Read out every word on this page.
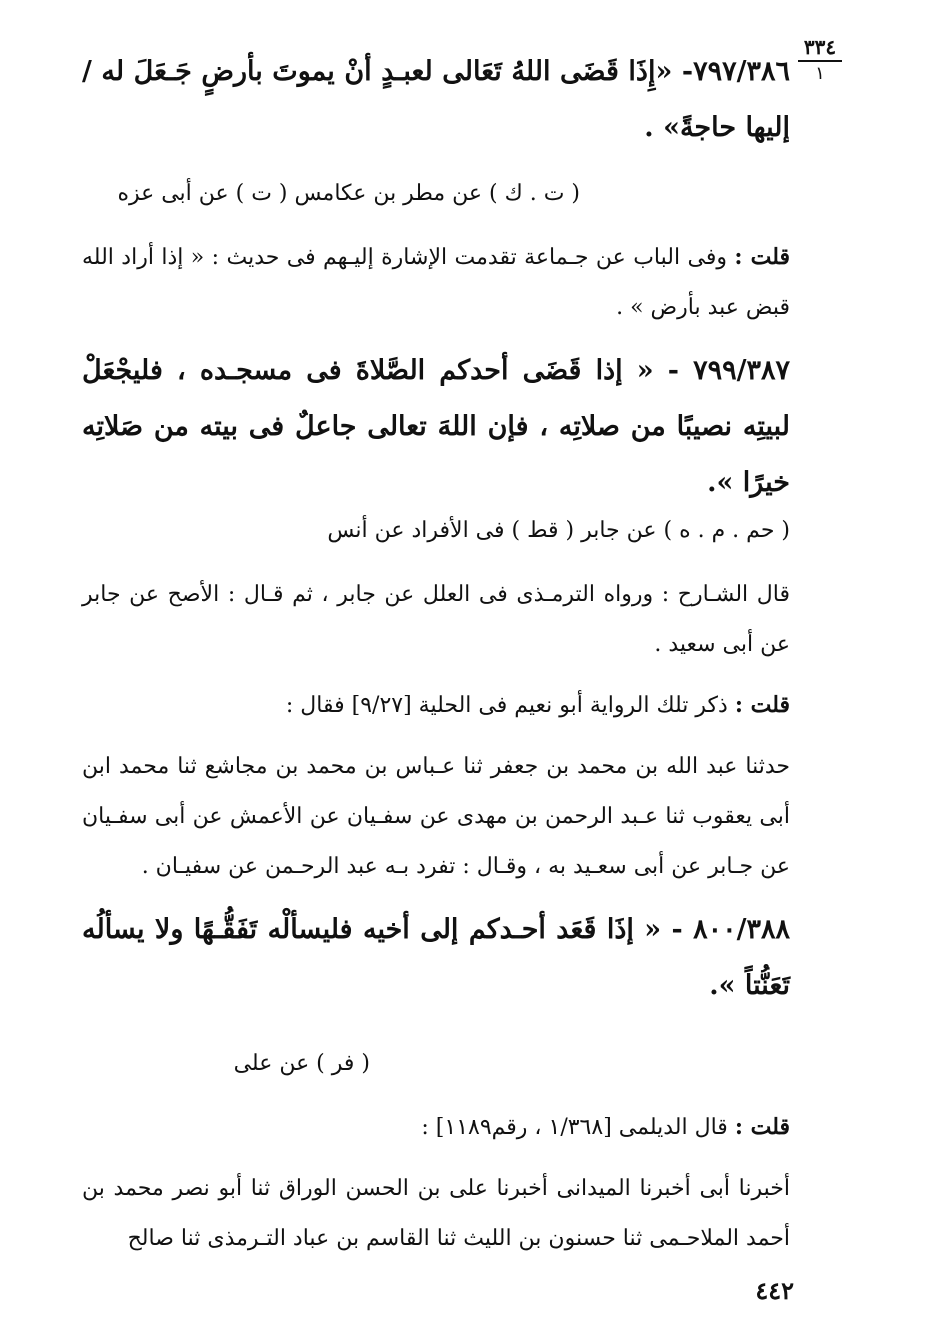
٣٣٤
١

٧٩٧/٣٨٦- «إِذَا قَضَى اللهُ تَعَالى لعبـدٍ أنْ يموتَ بأرضٍ جَـعَلَ له / إليها حاجةً» .

( ت . ك ) عن مطر بن عكامس ( ت ) عن أبى عزه

قلت : وفى الباب عن جـماعة تقدمت الإشارة إليـهم فى حديث : « إذا أراد الله قبض عبد بأرض » .

٧٩٩/٣٨٧ - « إذا قَضَى أحدكم الصَّلاةَ فى مسجـده ، فليجْعَلْ لبيتِه نصيبًا من صلاتِه ، فإن اللهَ تعالى جاعلٌ فى بيته من صَلاتِه خيرًا ».

( حم . م . ه ) عن جابر ( قط ) فى الأفراد عن أنس

قال الشـارح : ورواه الترمـذى فى العلل عن جابر ، ثم قـال : الأصح عن جابر عن أبى سعيد .

قلت : ذكر تلك الرواية أبو نعيم فى الحلية [٩/٢٧] فقال :

حدثنا عبد الله بن محمد بن جعفر ثنا عـباس بن محمد بن مجاشع ثنا محمد ابن أبى يعقوب ثنا عـبد الرحمن بن مهدى عن سفـيان عن الأعمش عن أبى سفـيان عن جـابر عن أبى سعـيد به ، وقـال : تفرد بـه عبد الرحـمن عن سفيـان .

٨٠٠/٣٨٨ - « إذَا قَعَد أحـدكم إلى أخيه فليسألْه تَفَقُّـهًا ولا يسألُه تَعَنُّتاً ».

( فر ) عن على

قلت : قال الديلمى [١/٣٦٨ ، رقم١١٨٩] :

أخبرنا أبى أخبرنا الميدانى أخبرنا على بن الحسن الوراق ثنا أبو نصر محمد بن أحمد الملاحـمى ثنا حسنون بن الليث ثنا القاسم بن عباد التـرمذى ثنا صالح

٤٤٢
